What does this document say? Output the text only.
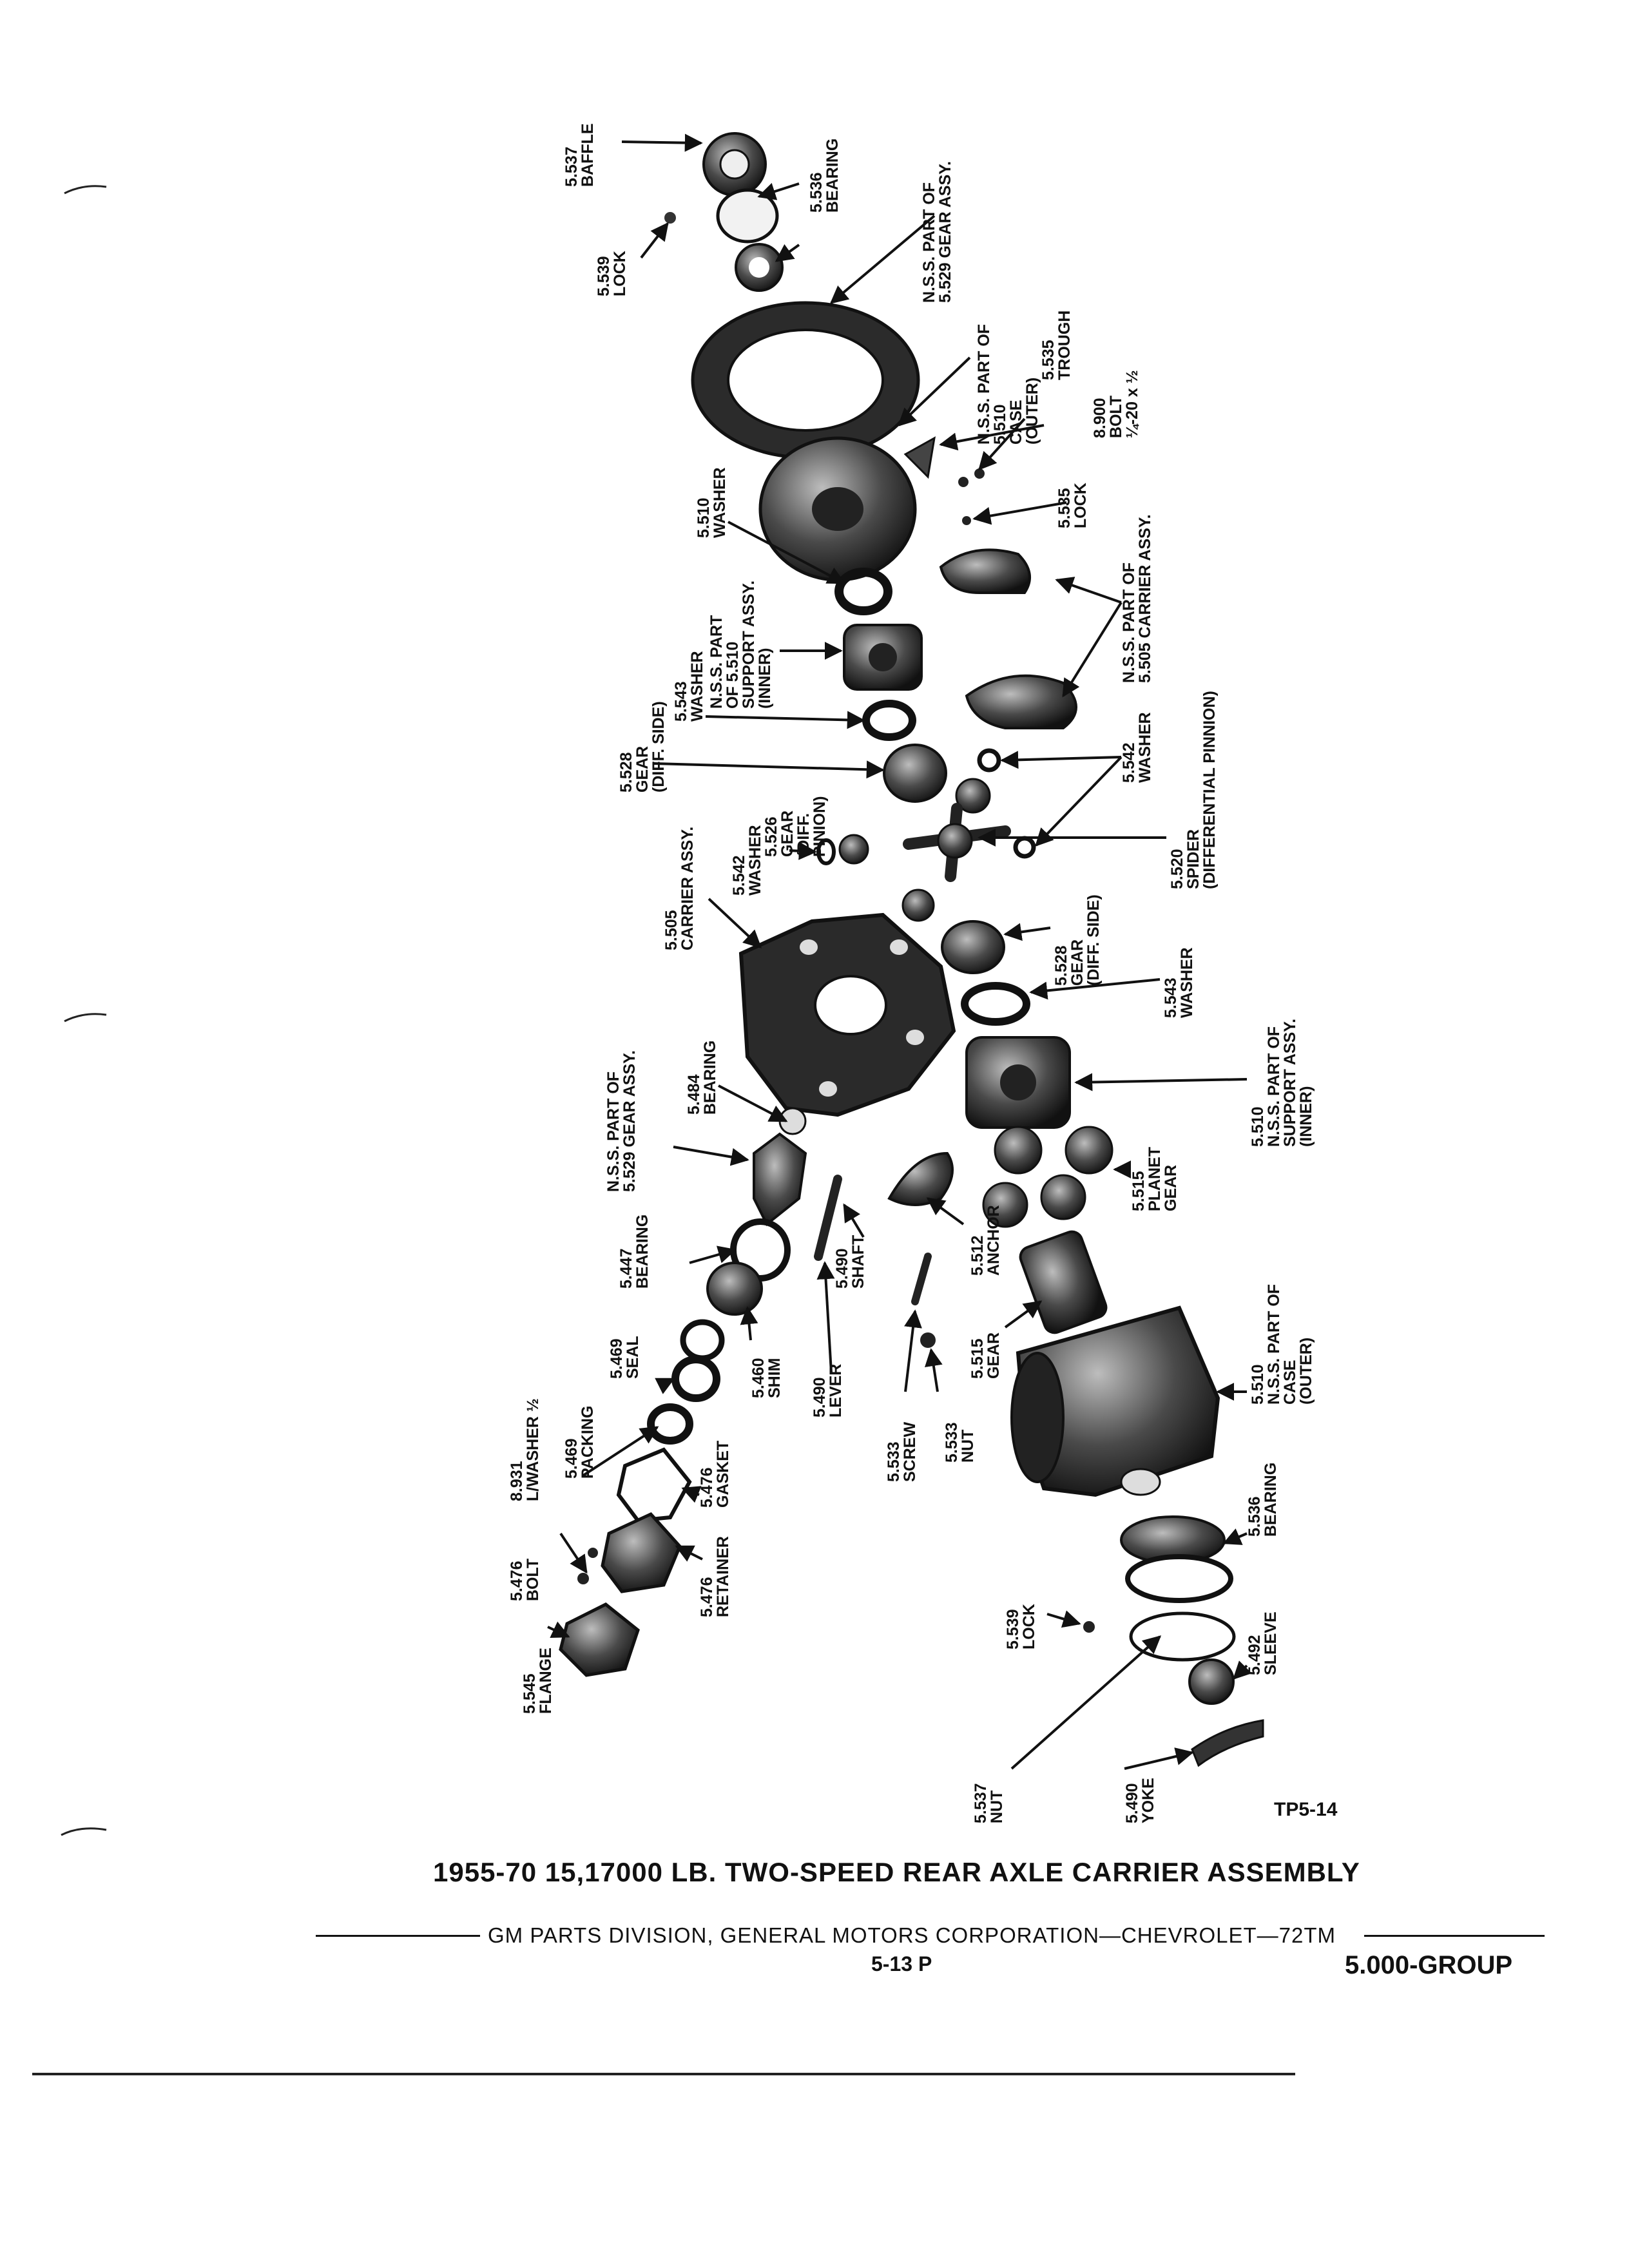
5.537
BAFFLE
5.539
LOCK
5.536
BEARING
N.S.S. PART OF
5.529 GEAR ASSY.
N.S.S. PART OF
5.510
CASE
(OUTER)
5.535
TROUGH
8.900
BOLT
¼-20 x ½
5.535
LOCK
5.510
WASHER
N.S.S. PART OF
5.505 CARRIER ASSY.
N.S.S. PART
OF 5.510
SUPPORT ASSY.
(INNER)
5.543
WASHER
5.528
GEAR
(DIFF. SIDE)
5.526
GEAR
(DIFF.
PINION)
5.542
WASHER
5.542
WASHER	5.520
SPIDER
(DIFFERENTIAL PINNION)
5.505
CARRIER ASSY.
5.528
GEAR
(DIFF. SIDE)
5.543
WASHER
5.510
N.S.S. PART OF
SUPPORT ASSY.
(INNER)
5.484
BEARING
N.S.S. PART OF
5.529 GEAR ASSY.	5.515
PLANET
GEAR
5.512
ANCHOR
5.490
SHAFT
5.447
BEARING
5.460
SHIM 5.490
LEVER
5.515
GEAR
5.469
SEAL
5.510
N.S.S. PART OF
CASE
(OUTER)
8.931
L/WASHER ½ 5.469
PACKING
5.476
GASKET	5.533
SCREW 5.533
NUT
5.536
BEARING
5.476
BOLT	5.476
RETAINER
5.539
LOCK
5.492
SLEEVE
5.545
FLANGE
5.537
NUT	5.490
YOKE	TP5-14
1955-70 15,17000 LB. TWO-SPEED REAR AXLE CARRIER ASSEMBLY
GM PARTS DIVISION, GENERAL MOTORS CORPORATION—CHEVROLET—72TM
5-13 P	5.000-GROUP
